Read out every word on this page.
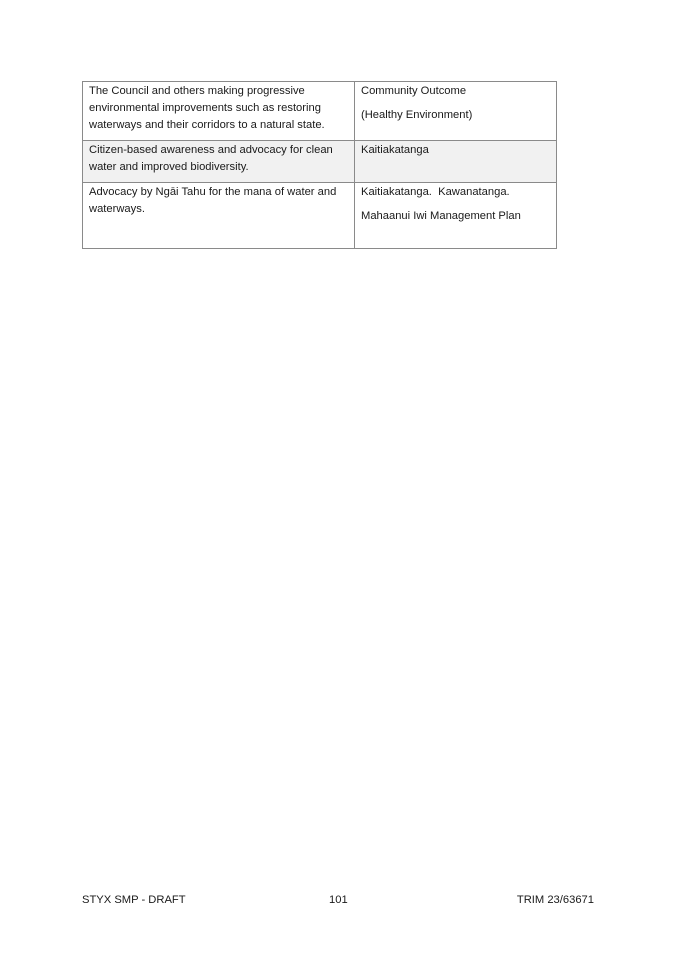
The Council and others making progressive environmental improvements such as restoring waterways and their corridors to a natural state.	Community Outcome
(Healthy Environment)

Citizen-based awareness and advocacy for clean water and improved biodiversity.	Kaitiakatanga

Advocacy by Ngāi Tahu for the mana of water and waterways.	Kaitiakatanga.  Kawanatanga.
Mahaanui Iwi Management Plan
STYX SMP - DRAFT	101	TRIM 23/63671
